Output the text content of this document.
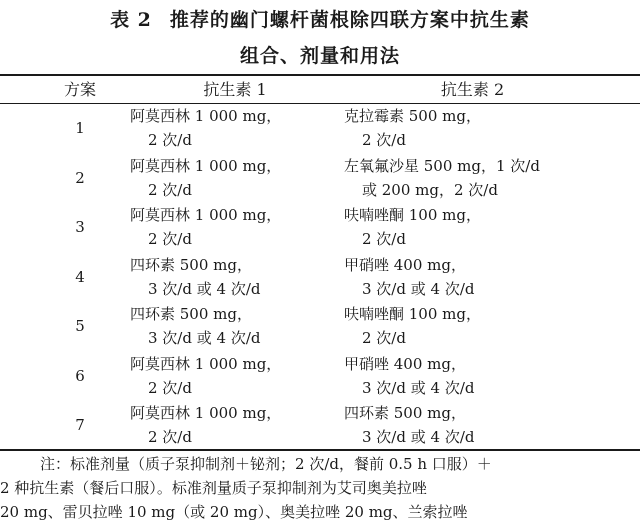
表 2 推荐的幽门螺杆菌根除四联方案中抗生素
组合、剂量和用法
方案	抗生素 1	抗生素 2
1
阿莫西林 1 000 mg，
2 次/d
克拉霉素 500 mg，
2 次/d
2
阿莫西林 1 000 mg，
2 次/d
左氧氟沙星 500 mg，1 次/d
或 200 mg，2 次/d
3
阿莫西林 1 000 mg，
2 次/d
呋喃唑酮 100 mg，
2 次/d
4
四环素 500 mg，
3 次/d 或 4 次/d
甲硝唑 400 mg，
3 次/d 或 4 次/d
5
四环素 500 mg，
3 次/d 或 4 次/d
呋喃唑酮 100 mg，
2 次/d
6
阿莫西林 1 000 mg，
2 次/d
甲硝唑 400 mg，
3 次/d 或 4 次/d
7
阿莫西林 1 000 mg，
2 次/d
四环素 500 mg，
3 次/d 或 4 次/d
注：标准剂量（质子泵抑制剂＋铋剂；2 次/d，餐前 0.5 h 口服）＋
2 种抗生素（餐后口服）。标准剂量质子泵抑制剂为艾司奥美拉唑
20 mg、雷贝拉唑 10 mg（或 20 mg）、奥美拉唑 20 mg、兰索拉唑
